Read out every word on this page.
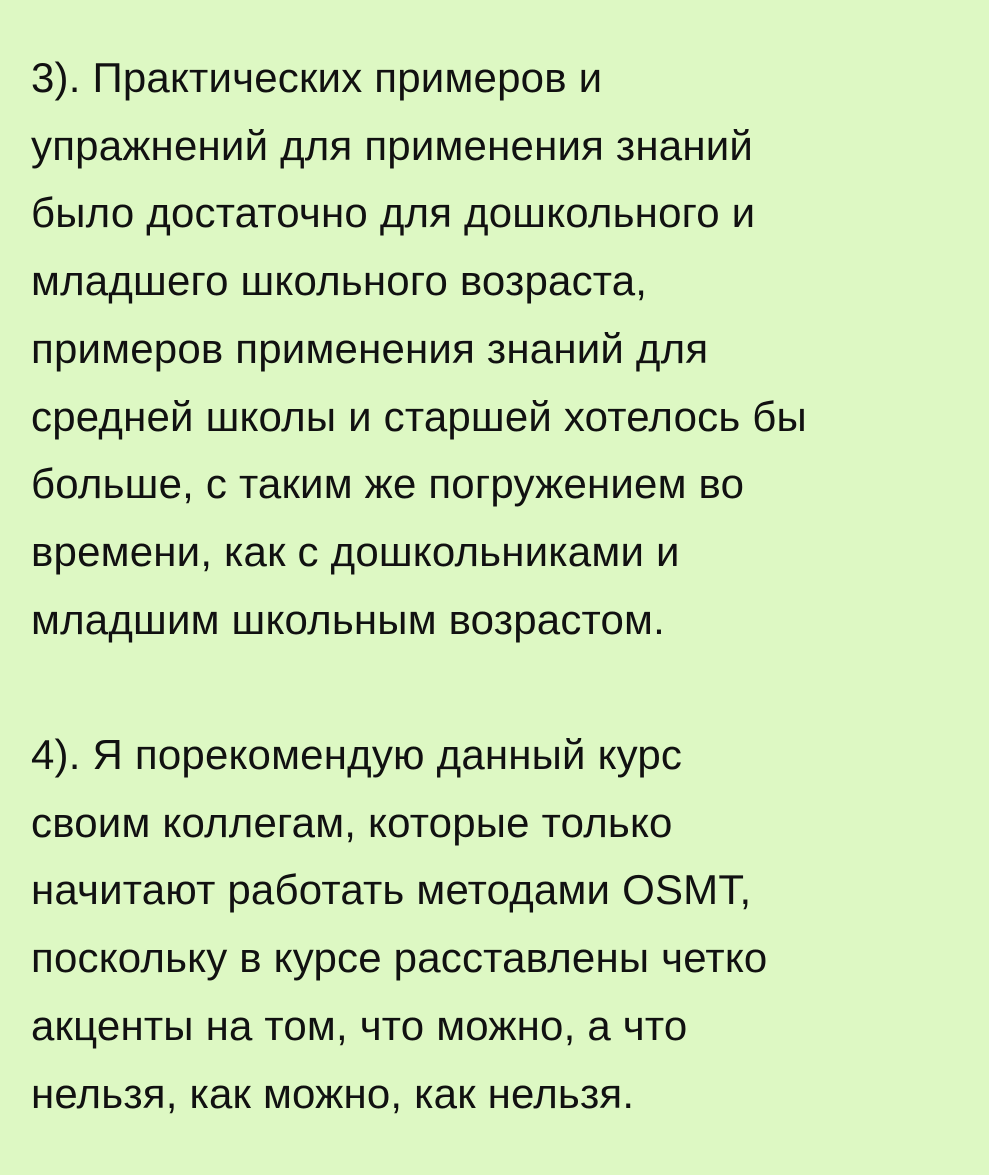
3). Практических примеров и
упражнений для применения знаний
было достаточно для дошкольного и
младшего школьного возраста,
примеров применения знаний для
средней школы и старшей хотелось бы
больше, с таким же погружением во
времени, как с дошкольниками и
младшим школьным возрастом.

4). Я порекомендую данный курс
своим коллегам, которые только
начитают работать методами OSMT,
поскольку в курсе расставлены четко
акценты на том, что можно, а что
нельзя, как можно, как нельзя.
